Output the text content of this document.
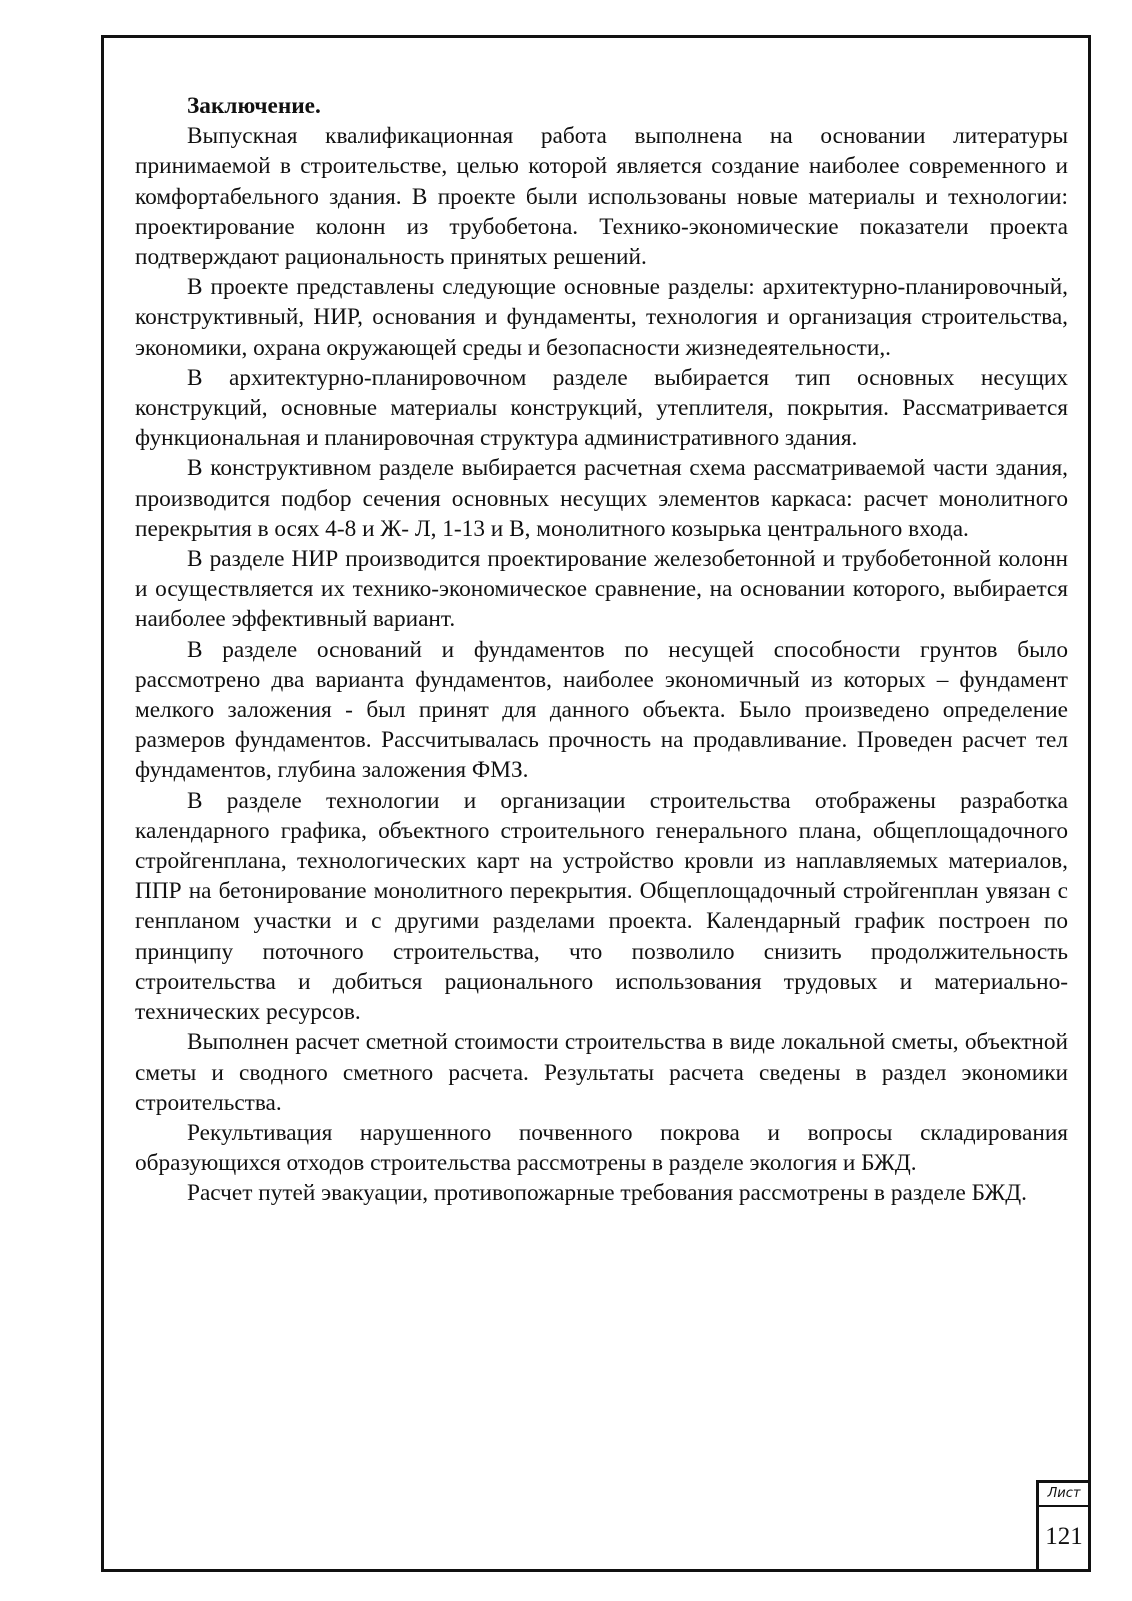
Заключение.

Выпускная квалификационная работа выполнена на основании литературы принимаемой в строительстве, целью которой является создание наиболее современного и комфортабельного здания. В проекте были использованы новые материалы и технологии: проектирование колонн из трубобетона. Технико-экономические показатели проекта подтверждают рациональность принятых решений.

В проекте представлены следующие основные разделы: архитектурно-планировочный, конструктивный, НИР, основания и фундаменты, технология и организация строительства, экономики, охрана окружающей среды и безопасности жизнедеятельности,.

В архитектурно-планировочном разделе выбирается тип основных несущих конструкций, основные материалы конструкций, утеплителя, покрытия. Рассматривается функциональная и планировочная структура административного здания.

В конструктивном разделе выбирается расчетная схема рассматриваемой части здания, производится подбор сечения основных несущих элементов каркаса: расчет монолитного перекрытия в осях 4-8 и Ж- Л, 1-13 и В, монолитного козырька центрального входа.

В разделе НИР производится проектирование железобетонной и трубобетонной колонн и осуществляется их технико-экономическое сравнение, на основании которого, выбирается наиболее эффективный вариант.

В разделе оснований и фундаментов по несущей способности грунтов было рассмотрено два варианта фундаментов, наиболее экономичный из которых – фундамент мелкого заложения - был принят для данного объекта. Было произведено определение размеров фундаментов. Рассчитывалась прочность на продавливание. Проведен расчет тел фундаментов, глубина заложения ФМЗ.

В разделе технологии и организации строительства отображены разработка календарного графика, объектного строительного генерального плана, общеплощадочного стройгенплана, технологических карт на устройство кровли из наплавляемых материалов, ППР на бетонирование монолитного перекрытия. Общеплощадочный стройгенплан увязан с генпланом участки и с другими разделами проекта. Календарный график построен по принципу поточного строительства, что позволило снизить продолжительность строительства и добиться рационального использования трудовых и материально-технических ресурсов.

Выполнен расчет сметной стоимости строительства в виде локальной сметы, объектной сметы и сводного сметного расчета. Результаты расчета сведены в раздел экономики строительства.

Рекультивация нарушенного почвенного покрова и вопросы складирования образующихся отходов строительства рассмотрены в разделе экология и БЖД.

Расчет путей эвакуации, противопожарные требования рассмотрены в разделе БЖД.

Лист
121
